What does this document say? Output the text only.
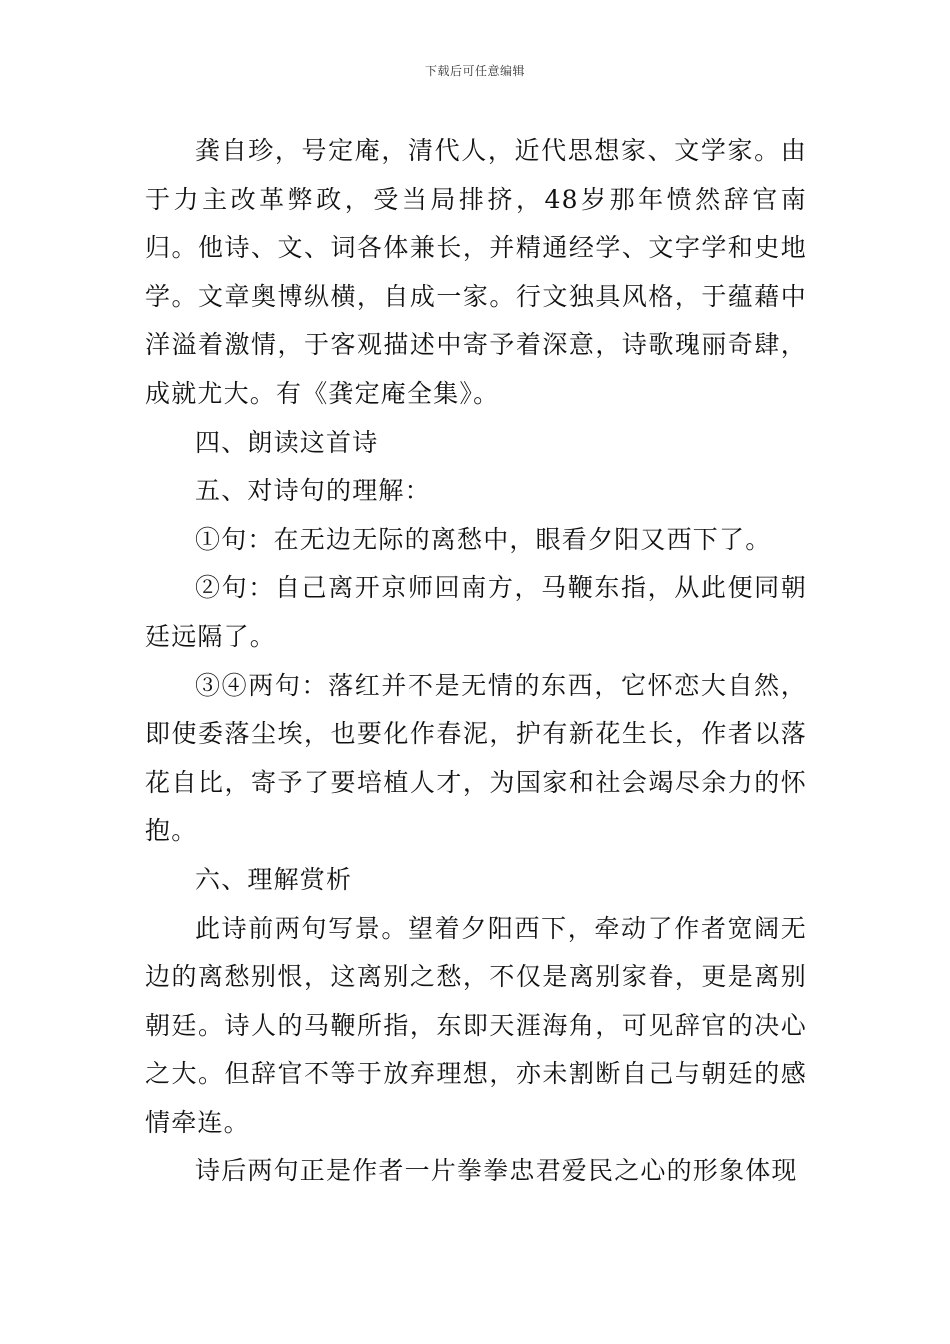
下载后可任意编辑

龚自珍，号定庵，清代人，近代思想家、文学家。由于力主改革弊政，受当局排挤，48岁那年愤然辞官南归。他诗、文、词各体兼长，并精通经学、文字学和史地学。文章奥博纵横，自成一家。行文独具风格，于蕴藉中洋溢着激情，于客观描述中寄予着深意，诗歌瑰丽奇肆，成就尤大。有《龚定庵全集》。

四、朗读这首诗

五、对诗句的理解：

①句：在无边无际的离愁中，眼看夕阳又西下了。

②句：自己离开京师回南方，马鞭东指，从此便同朝廷远隔了。

③④两句：落红并不是无情的东西，它怀恋大自然，即使委落尘埃，也要化作春泥，护有新花生长，作者以落花自比，寄予了要培植人才，为国家和社会竭尽余力的怀抱。

六、理解赏析

此诗前两句写景。望着夕阳西下，牵动了作者宽阔无边的离愁别恨，这离别之愁，不仅是离别家眷，更是离别朝廷。诗人的马鞭所指，东即天涯海角，可见辞官的决心之大。但辞官不等于放弃理想，亦未割断自己与朝廷的感情牵连。

诗后两句正是作者一片拳拳忠君爱民之心的形象体现
